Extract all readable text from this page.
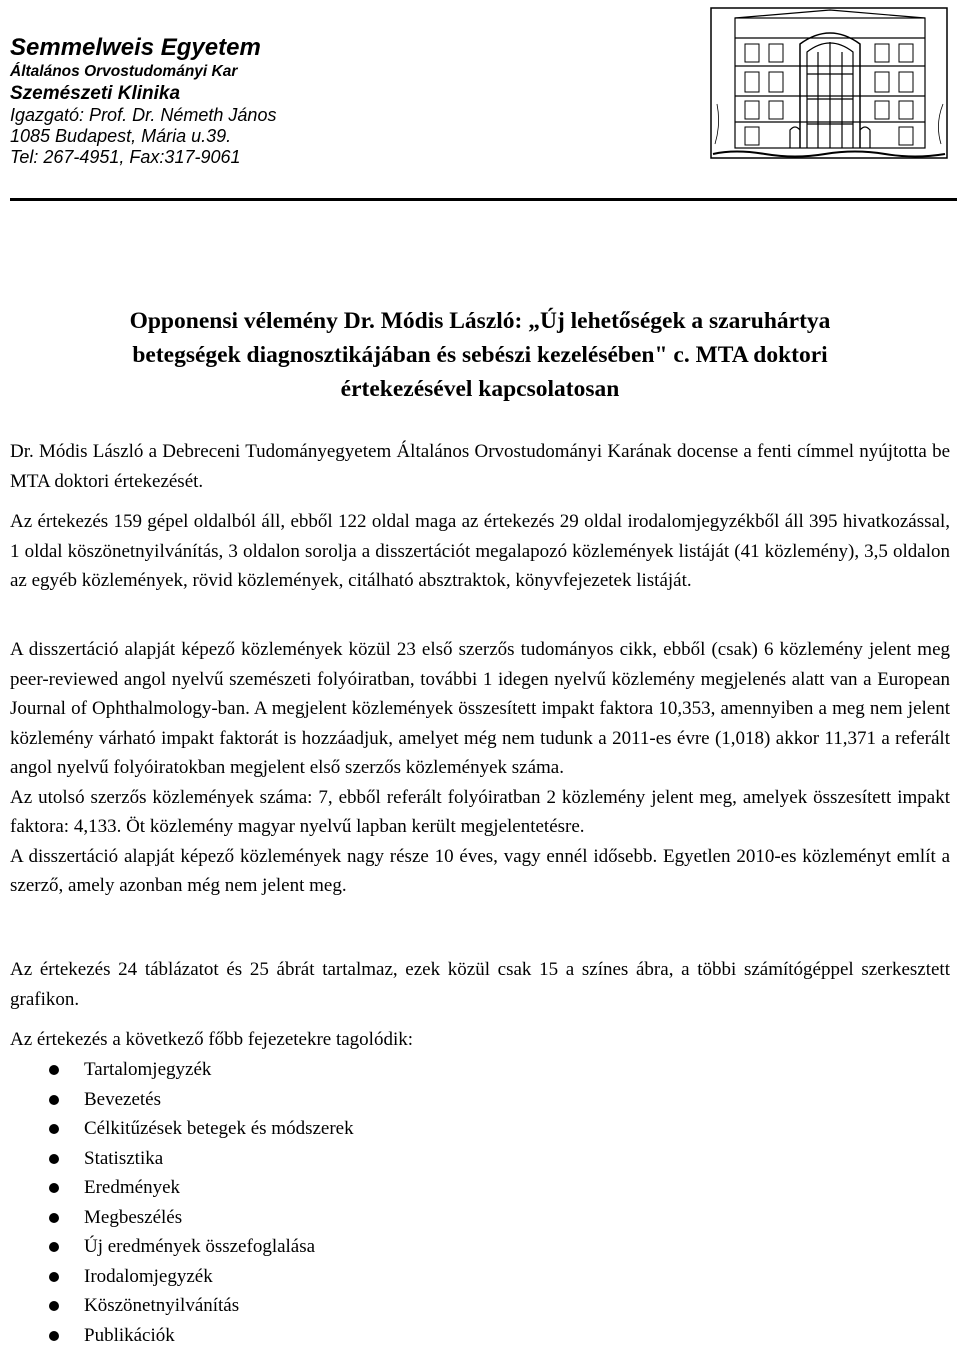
Semmelweis Egyetem
Általános Orvostudományi Kar
Szemészeti Klinika
Igazgató: Prof. Dr. Németh János
1085 Budapest, Mária u.39.
Tel: 267-4951, Fax:317-9061
Opponensi vélemény Dr. Módis László: „Új lehetőségek a szaruhártya
betegségek diagnosztikájában és sebészi kezelésében" c. MTA doktori
értekezésével kapcsolatosan
Dr. Módis László a Debreceni Tudományegyetem Általános Orvostudományi Karának docense a fenti címmel nyújtotta be MTA doktori értekezését.
Az értekezés 159 gépel oldalból áll, ebből 122 oldal maga az értekezés 29 oldal irodalomjegyzékből áll 395 hivatkozással, 1 oldal köszönetnyilvánítás, 3 oldalon sorolja a disszertációt megalapozó közlemények listáját (41 közlemény), 3,5 oldalon az egyéb közlemények, rövid közlemények, citálható absztraktok, könyvfejezetek listáját.

A disszertáció alapját képező közlemények közül 23 első szerzős tudományos cikk, ebből (csak) 6 közlemény jelent meg peer-reviewed angol nyelvű szemészeti folyóiratban, további 1 idegen nyelvű közlemény megjelenés alatt van a European Journal of Ophthalmology-ban. A megjelent közlemények összesített impakt faktora 10,353, amennyiben a meg nem jelent közlemény várható impakt faktorát is hozzáadjuk, amelyet még nem tudunk a 2011-es évre (1,018) akkor 11,371 a referált angol nyelvű folyóiratokban megjelent első szerzős közlemények száma.

Az utolsó szerzős közlemények száma: 7, ebből referált folyóiratban 2 közlemény jelent meg, amelyek összesített impakt faktora: 4,133. Öt közlemény magyar nyelvű lapban került megjelentetésre.

A disszertáció alapját képező közlemények nagy része 10 éves, vagy ennél idősebb. Egyetlen 2010-es közleményt említ a szerző, amely azonban még nem jelent meg.

Az értekezés 24 táblázatot és 25 ábrát tartalmaz, ezek közül csak 15 a színes ábra, a többi számítógéppel szerkesztett grafikon.
Az értekezés a következő főbb fejezetekre tagolódik:
Tartalomjegyzék
Bevezetés
Célkitűzések betegek és módszerek
Statisztika
Eredmények
Megbeszélés
Új eredmények összefoglalása
Irodalomjegyzék
Köszönetnyilvánítás
Publikációk
